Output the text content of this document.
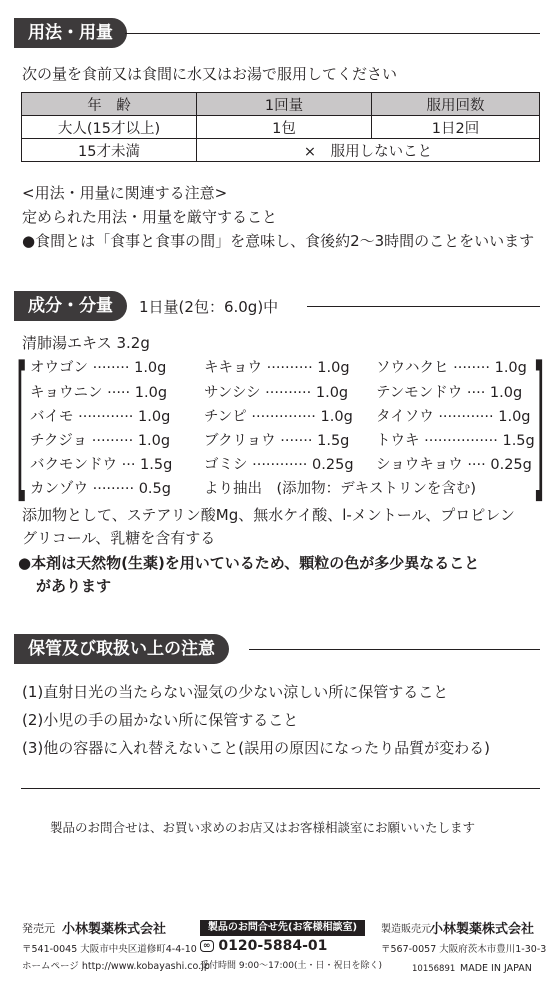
用法・用量
次の量を食前又は食間に水又はお湯で服用してください
年　齢	1回量	服用回数
大人(15才以上)	1包	1日2回
15才未満	×　服用しないこと	
<用法・用量に関連する注意>
定められた用法・用量を厳守すること
●食間とは「食事と食事の間」を意味し、食後約2〜3時間のことをいいます
成分・分量	1日量(2包：6.0g)中
清肺湯エキス 3.2g
[	]
オウゴン ········ 1.0g	キキョウ ·········· 1.0g ソウハクヒ ········ 1.0g
キョウニン ····· 1.0g	サンシシ ·········· 1.0g テンモンドウ ···· 1.0g
バイモ ············ 1.0g チンピ ·············· 1.0g タイソウ ············ 1.0g
チクジョ ········· 1.0g ブクリョウ ······· 1.5g トウキ ················ 1.5g
バクモンドウ ··· 1.5g ゴミシ ············ 0.25g ショウキョウ ···· 0.25g
カンゾウ ········· 0.5g より抽出　(添加物：デキストリンを含む)
添加物として、ステアリン酸Mg、無水ケイ酸、l-メントール、プロピレン
グリコール、乳糖を含有する
●本剤は天然物(生薬)を用いているため、顆粒の色が多少異なること
があります
保管及び取扱い上の注意
(1)直射日光の当たらない湿気の少ない涼しい所に保管すること
(2)小児の手の届かない所に保管すること
(3)他の容器に入れ替えないこと(誤用の原因になったり品質が変わる)
製品のお問合せは、お買い求めのお店又はお客様相談室にお願いいたします
発売元 小林製薬株式会社
〒541-0045 大阪市中央区道修町4-4-10
ホームページ http://www.kobayashi.co.jp
製品のお問合せ先(お客様相談室)
∞ 0120-5884-01
受付時間 9:00〜17:00(土・日・祝日を除く)
製造販売元 小林製薬株式会社
〒567-0057 大阪府茨木市豊川1-30-3
10156891 MADE IN JAPAN
